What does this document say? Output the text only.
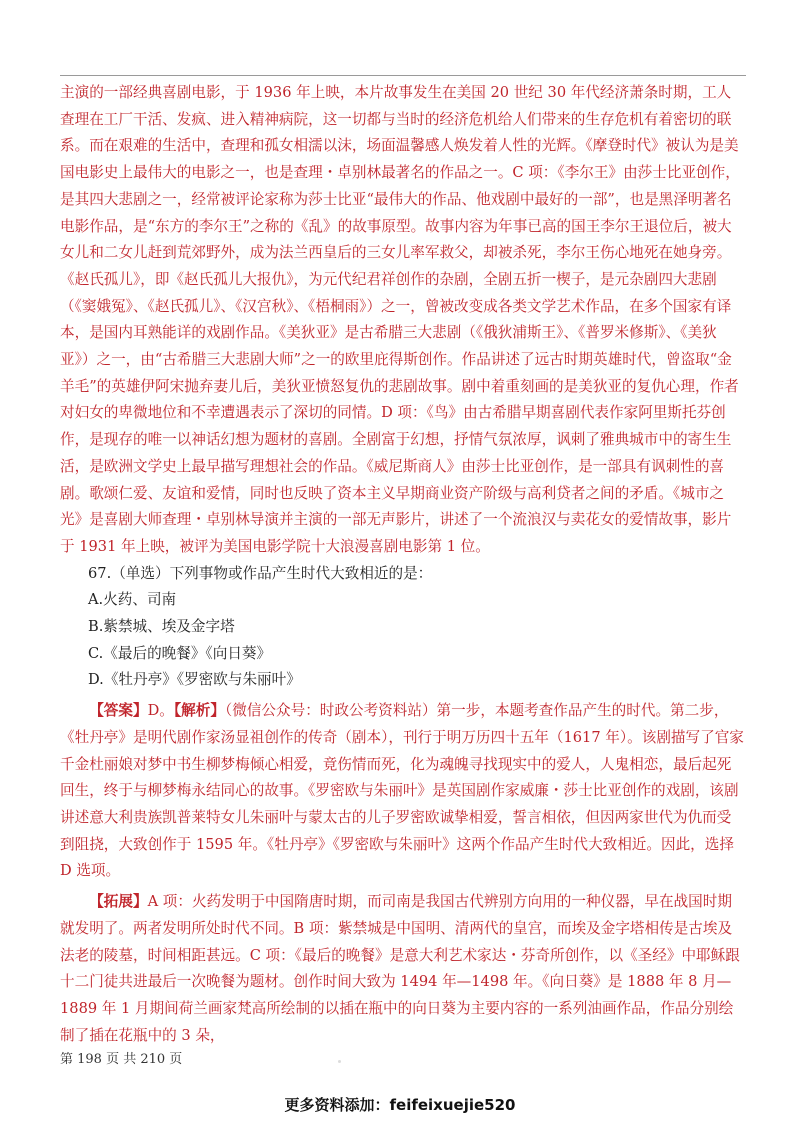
主演的一部经典喜剧电影，于 1936 年上映，本片故事发生在美国 20 世纪 30 年代经济萧条时期，工人查理在工厂干活、发疯、进入精神病院，这一切都与当时的经济危机给人们带来的生存危机有着密切的联系。而在艰难的生活中，查理和孤女相濡以沫，场面温馨感人焕发着人性的光辉。《摩登时代》被认为是美国电影史上最伟大的电影之一，也是查理・卓别林最著名的作品之一。C 项：《李尔王》由莎士比亚创作，是其四大悲剧之一，经常被评论家称为莎士比亚“最伟大的作品、他戏剧中最好的一部”，也是黑泽明著名电影作品，是“东方的李尔王”之称的《乱》的故事原型。故事内容为年事已高的国王李尔王退位后，被大女儿和二女儿赶到荒郊野外，成为法兰西皇后的三女儿率军救父，却被杀死，李尔王伤心地死在她身旁。《赵氏孤儿》，即《赵氏孤儿大报仇》，为元代纪君祥创作的杂剧，全剧五折一楔子，是元杂剧四大悲剧（《窦娥冤》、《赵氏孤儿》、《汉宫秋》、《梧桐雨》）之一，曾被改变成各类文学艺术作品，在多个国家有译本，是国内耳熟能详的戏剧作品。《美狄亚》是古希腊三大悲剧（《俄狄浦斯王》、《普罗米修斯》、《美狄亚》）之一，由“古希腊三大悲剧大师”之一的欧里庇得斯创作。作品讲述了远古时期英雄时代，曾盗取“金羊毛”的英雄伊阿宋抛弃妻儿后，美狄亚愤怒复仇的悲剧故事。剧中着重刻画的是美狄亚的复仇心理，作者对妇女的卑微地位和不幸遭遇表示了深切的同情。D 项：《鸟》由古希腊早期喜剧代表作家阿里斯托芬创作，是现存的唯一以神话幻想为题材的喜剧。全剧富于幻想，抒情气氛浓厚，讽刺了雅典城市中的寄生生活，是欧洲文学史上最早描写理想社会的作品。《威尼斯商人》由莎士比亚创作，是一部具有讽刺性的喜剧。歌颂仁爱、友谊和爱情，同时也反映了资本主义早期商业资产阶级与高利贷者之间的矛盾。《城市之光》是喜剧大师查理・卓别林导演并主演的一部无声影片，讲述了一个流浪汉与卖花女的爱情故事，影片于 1931 年上映，被评为美国电影学院十大浪漫喜剧电影第 1 位。

67.（单选）下列事物或作品产生时代大致相近的是：

A.火药、司南

B.紫禁城、埃及金字塔

C.《最后的晚餐》《向日葵》

D.《牡丹亭》《罗密欧与朱丽叶》

【答案】D。【解析】（微信公众号：时政公考资料站）第一步，本题考查作品产生的时代。第二步，《牡丹亭》是明代剧作家汤显祖创作的传奇（剧本），刊行于明万历四十五年（1617 年）。该剧描写了官家千金杜丽娘对梦中书生柳梦梅倾心相爱，竟伤情而死，化为魂魄寻找现实中的爱人，人鬼相恋，最后起死回生，终于与柳梦梅永结同心的故事。《罗密欧与朱丽叶》是英国剧作家威廉・莎士比亚创作的戏剧，该剧讲述意大利贵族凯普莱特女儿朱丽叶与蒙太古的儿子罗密欧诚挚相爱，誓言相依，但因两家世代为仇而受到阻挠，大致创作于 1595 年。《牡丹亭》《罗密欧与朱丽叶》这两个作品产生时代大致相近。因此，选择 D 选项。

【拓展】A 项：火药发明于中国隋唐时期，而司南是我国古代辨别方向用的一种仪器，早在战国时期就发明了。两者发明所处时代不同。B 项：紫禁城是中国明、清两代的皇宫，而埃及金字塔相传是古埃及法老的陵墓，时间相距甚远。C 项：《最后的晚餐》是意大利艺术家达・芬奇所创作，以《圣经》中耶稣跟十二门徒共进最后一次晚餐为题材。创作时间大致为 1494 年—1498 年。《向日葵》是 1888 年 8 月—1889 年 1 月期间荷兰画家梵高所绘制的以插在瓶中的向日葵为主要内容的一系列油画作品，作品分别绘制了插在花瓶中的 3 朵，

第 198 页 共 210 页
更多资料添加：feifeixuejie520
